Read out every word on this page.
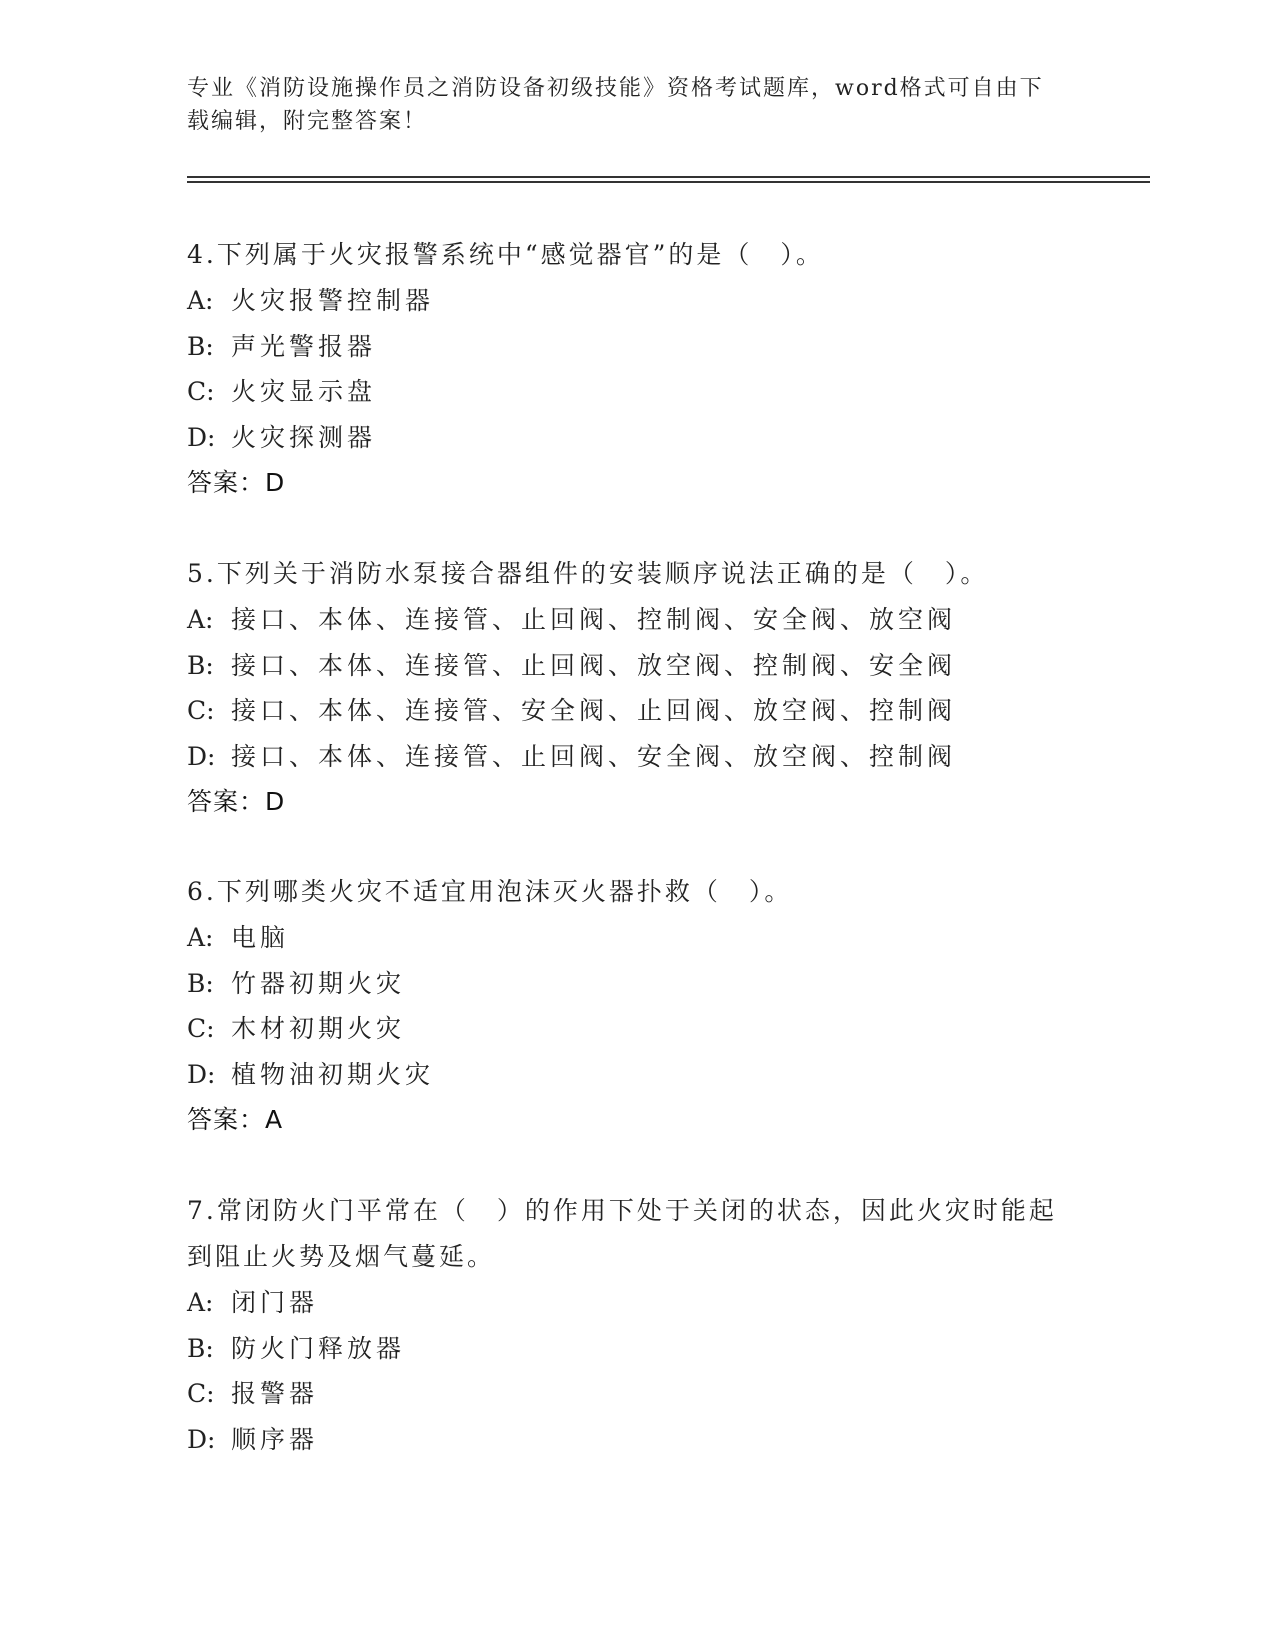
专业《消防设施操作员之消防设备初级技能》资格考试题库，word格式可自由下载编辑，附完整答案！

4.下列属于火灾报警系统中“感觉器官”的是（　）。

A: 火灾报警控制器

B: 声光警报器

C: 火灾显示盘

D: 火灾探测器

答案：D

5.下列关于消防水泵接合器组件的安装顺序说法正确的是（　）。

A: 接口、本体、连接管、止回阀、控制阀、安全阀、放空阀

B: 接口、本体、连接管、止回阀、放空阀、控制阀、安全阀

C: 接口、本体、连接管、安全阀、止回阀、放空阀、控制阀

D: 接口、本体、连接管、止回阀、安全阀、放空阀、控制阀

答案：D

6.下列哪类火灾不适宜用泡沫灭火器扑救（　）。

A: 电脑

B: 竹器初期火灾

C: 木材初期火灾

D: 植物油初期火灾

答案：A

7.常闭防火门平常在（　）的作用下处于关闭的状态，因此火灾时能起到阻止火势及烟气蔓延。

A: 闭门器

B: 防火门释放器

C: 报警器

D: 顺序器
